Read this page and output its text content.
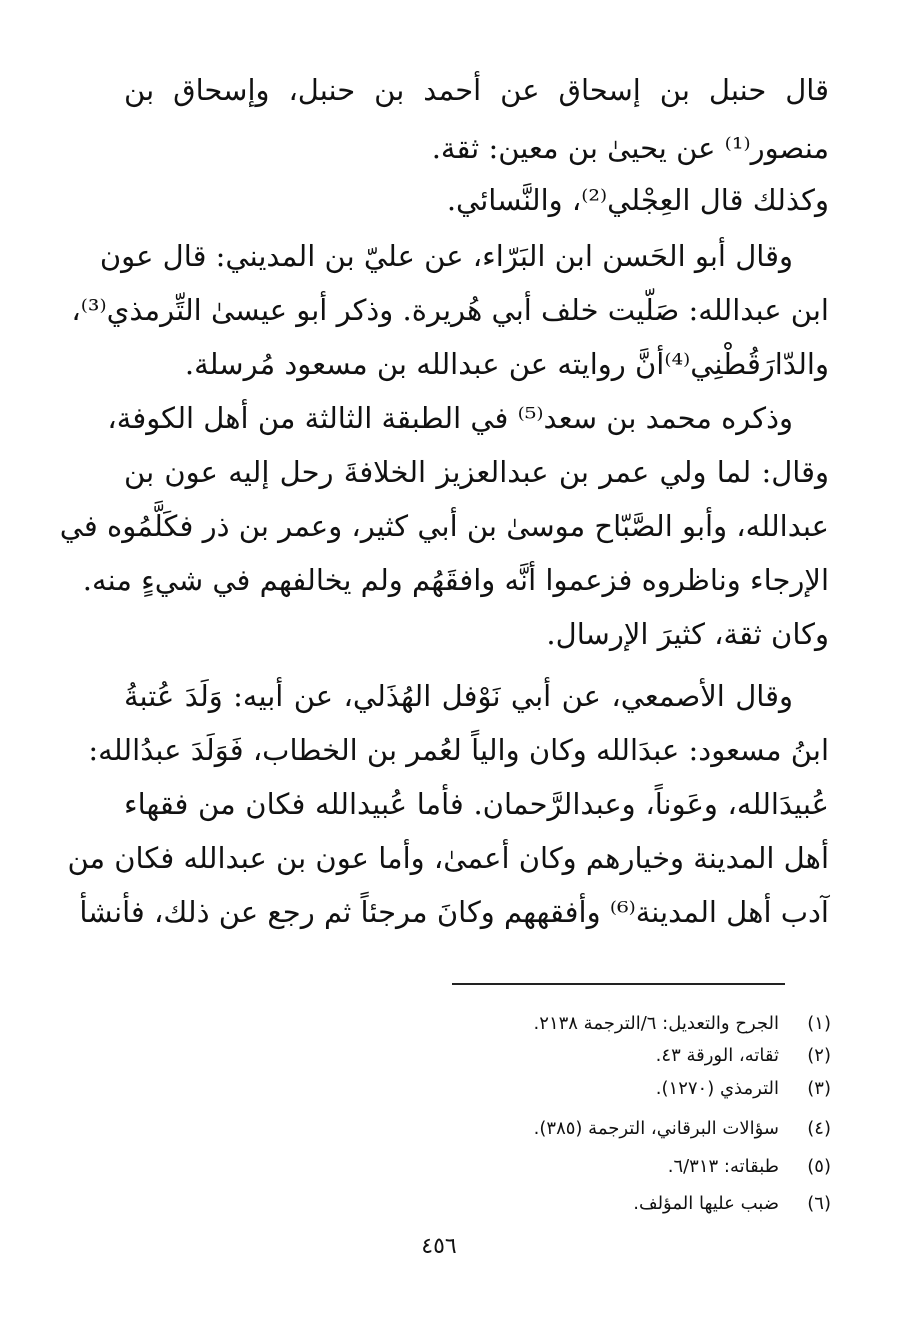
قال حنبل بن إسحاق عن أحمد بن حنبل، وإسحاق بن
منصور⁽¹⁾ عن يحيىٰ بن معين: ثقة.
وكذلك قال العِجْلي⁽²⁾، والنَّسائي.
وقال أبو الحَسن ابن البَرّاء، عن عليّ بن المديني: قال عون
ابن عبدالله: صَلّيت خلف أبي هُريرة. وذكر أبو عيسىٰ التِّرمذي⁽³⁾،
والدّارَقُطْنِي⁽⁴⁾أنَّ روايته عن عبدالله بن مسعود مُرسلة.
وذكره محمد بن سعد⁽⁵⁾ في الطبقة الثالثة من أهل الكوفة،
وقال: لما ولي عمر بن عبدالعزيز الخلافةَ رحل إليه عون بن
عبدالله، وأبو الصَّبّاح موسىٰ بن أبي كثير، وعمر بن ذر فكَلَّمُوه في
الإرجاء وناظروه فزعموا أنَّه وافقَهُم ولم يخالفهم في شيءٍ منه.
وكان ثقة، كثيرَ الإرسال.
وقال الأصمعي، عن أبي نَوْفل الهُذَلي، عن أبيه: وَلَدَ عُتبةُ
ابنُ مسعود: عبدَالله وكان والياً لعُمر بن الخطاب، فَوَلَدَ عبدُالله:
عُبيدَالله، وعَوناً، وعبدالرَّحمان. فأما عُبيدالله فكان من فقهاء
أهل المدينة وخيارهم وكان أعمىٰ، وأما عون بن عبدالله فكان من
آدب أهل المدينة⁽⁶⁾ وأفقههم وكانَ مرجئاً ثم رجع عن ذلك، فأنشأ
(١)
الجرح والتعديل: ٦/الترجمة ٢١٣٨.
(٢)
ثقاته، الورقة ٤٣.
(٣)
الترمذي (١٢٧٠).
(٤)
سؤالات البرقاني، الترجمة (٣٨٥).
(٥)
طبقاته: ٦/٣١٣.
(٦)
ضبب عليها المؤلف.
٤٥٦
